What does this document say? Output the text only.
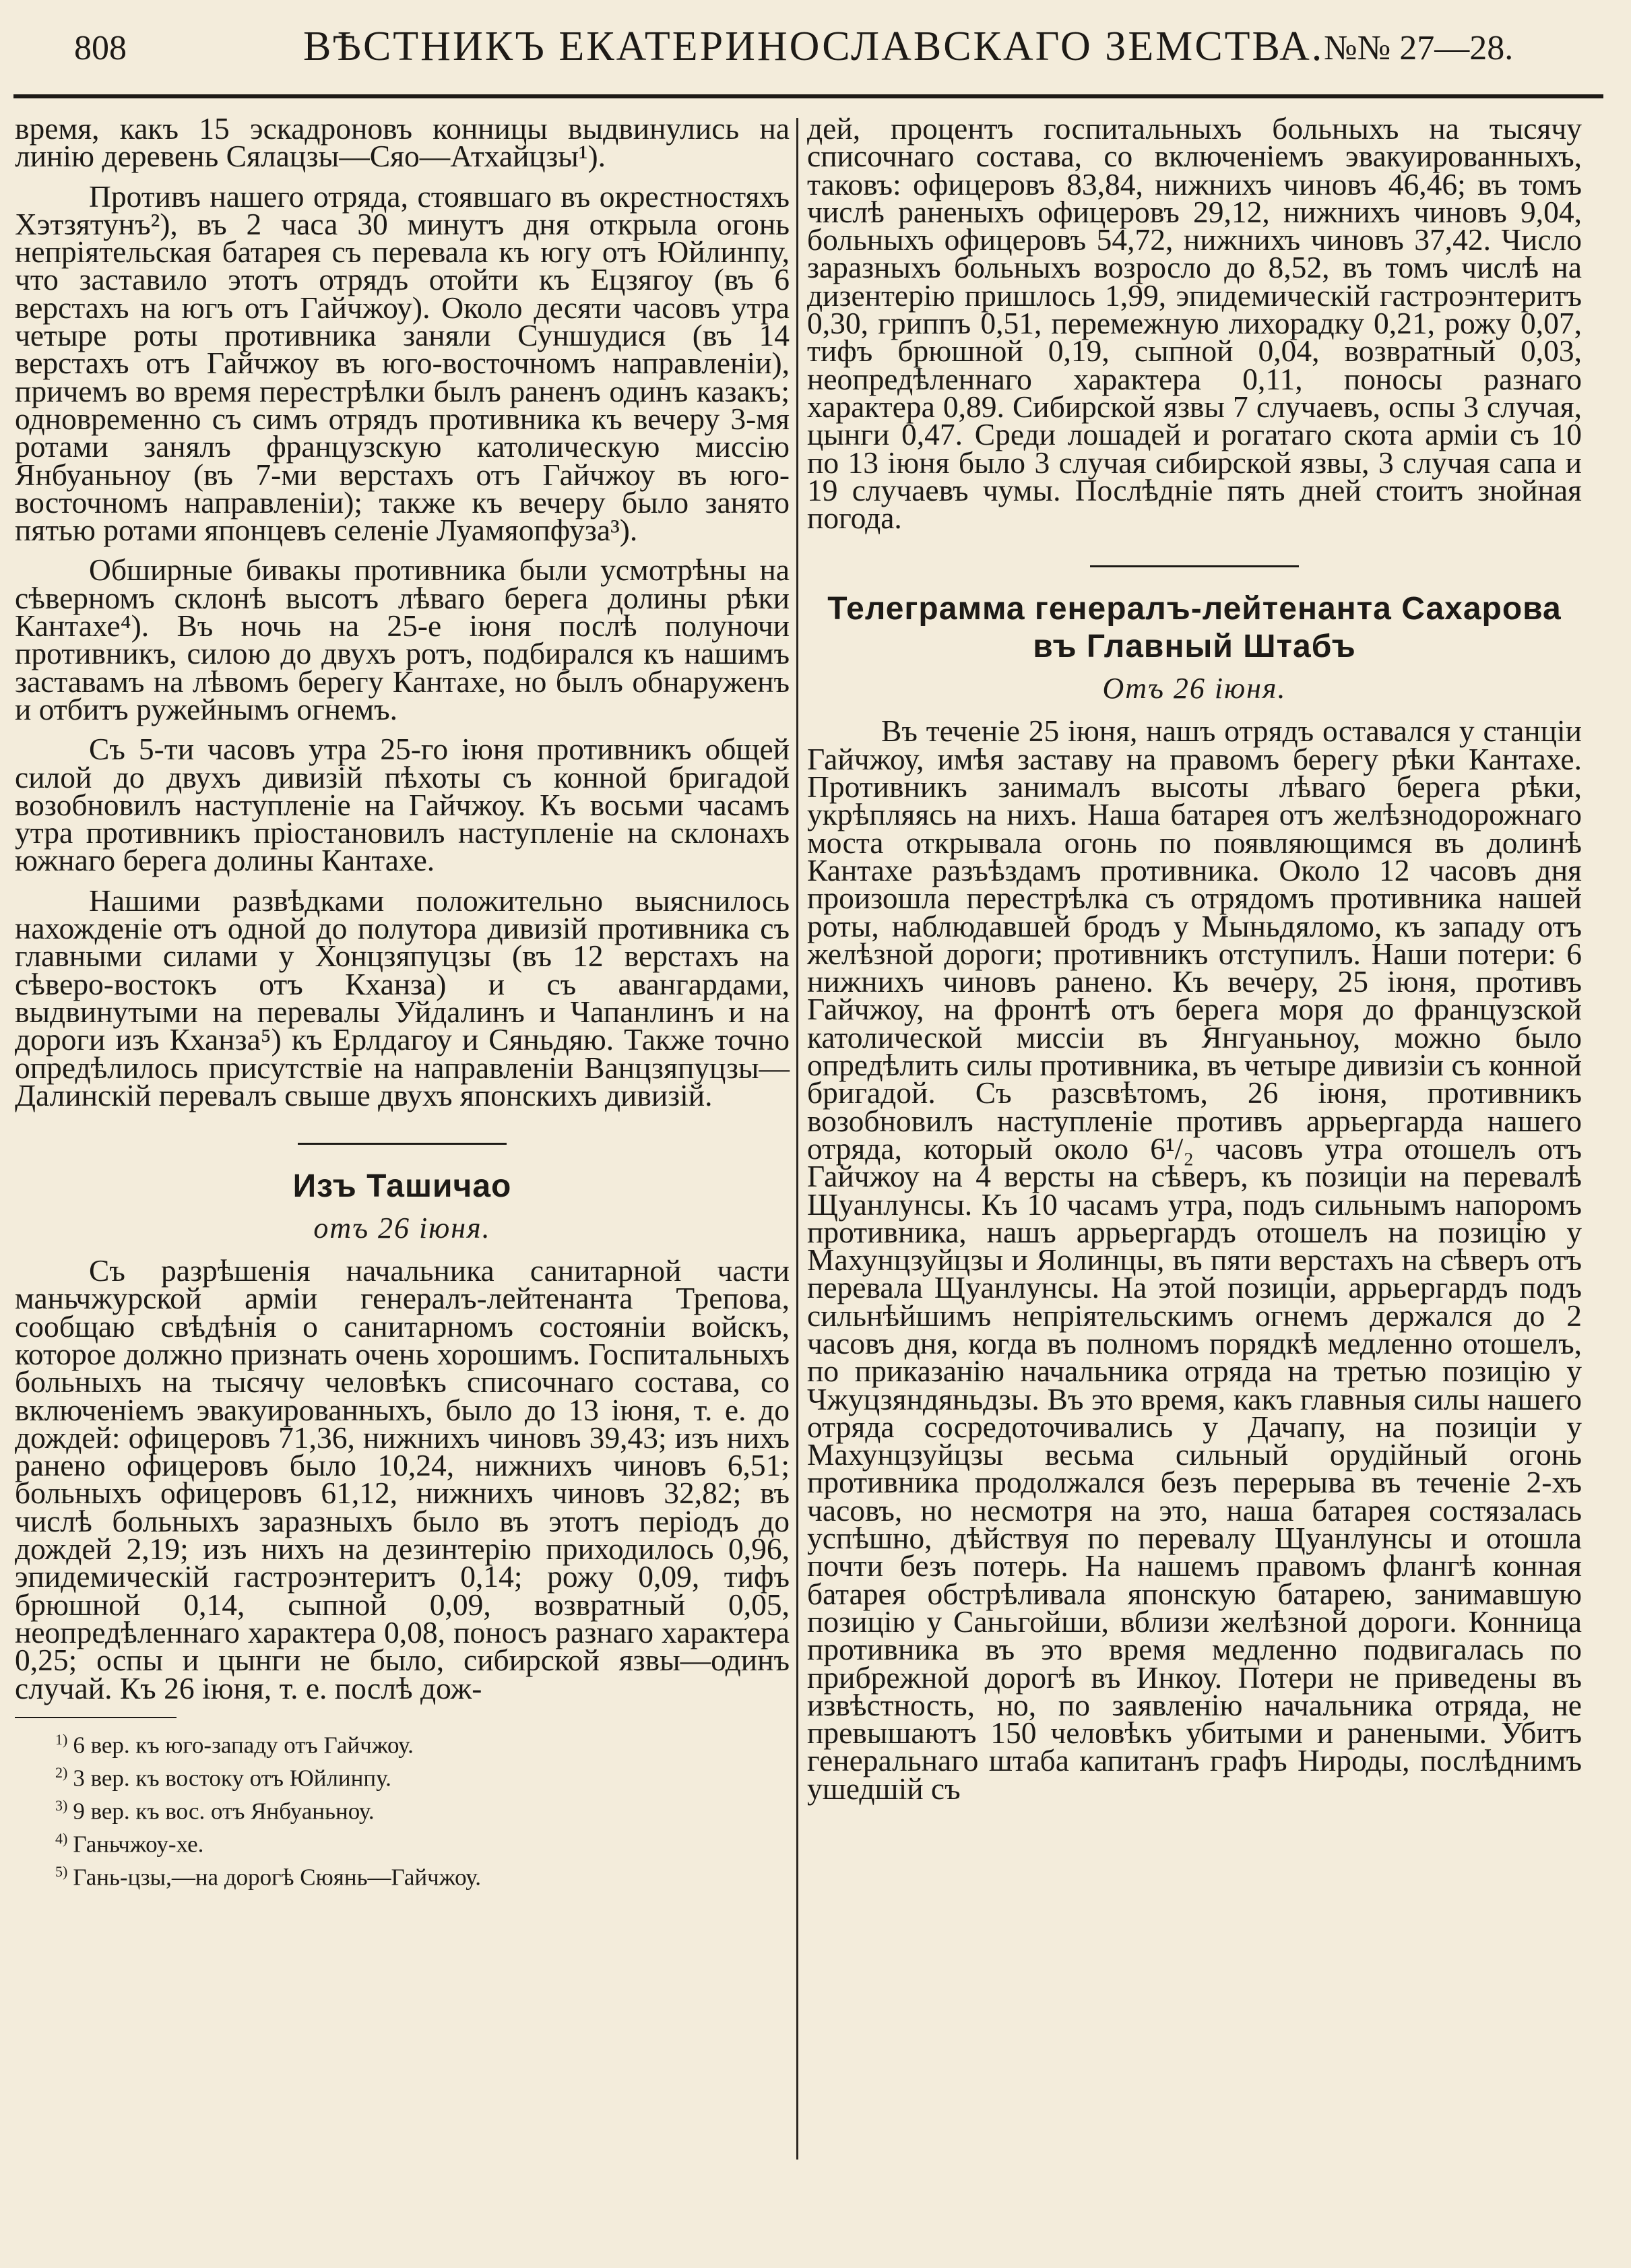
808	ВѢСТНИКЪ ЕКАТЕРИНОСЛАВСКАГО ЗЕМСТВА. №№ 27—28.

время, какъ 15 эскадроновъ конницы выдвинулись на линію деревень Сялацзы—Сяо—Атхайцзы¹).

Противъ нашего отряда, стоявшаго въ окрестностяхъ Хэтзятунъ²), въ 2 часа 30 минутъ дня открыла огонь непріятельская батарея съ перевала къ югу отъ Юйлинпу, что заставило этотъ отрядъ отойти къ Ецзягоу (въ 6 верстахъ на югъ отъ Гайчжоу). Около десяти часовъ утра четыре роты противника заняли Суншудися (въ 14 верстахъ отъ Гайчжоу въ юго-восточномъ направленіи), причемъ во время перестрѣлки былъ раненъ одинъ казакъ; одновременно съ симъ отрядъ противника къ вечеру 3-мя ротами занялъ французскую католическую миссію Янбуаньноу (въ 7-ми верстахъ отъ Гайчжоу въ юго-восточномъ направленіи); также къ вечеру было занято пятью ротами японцевъ селеніе Луамяопфуза³).

Обширные бивакы противника были усмотрѣны на сѣверномъ склонѣ высотъ лѣваго берега долины рѣки Кантахе⁴). Въ ночь на 25-е іюня послѣ полуночи противникъ, силою до двухъ ротъ, подбирался къ нашимъ заставамъ на лѣвомъ берегу Кантахе, но былъ обнаруженъ и отбитъ ружейнымъ огнемъ.

Съ 5-ти часовъ утра 25-го іюня противникъ общей силой до двухъ дивизій пѣхоты съ конной бригадой возобновилъ наступленіе на Гайчжоу. Къ восьми часамъ утра противникъ пріостановилъ наступленіе на склонахъ южнаго берега долины Кантахе.

Нашими развѣдками положительно выяснилось нахожденіе отъ одной до полутора дивизій противника съ главными силами у Хонцзяпуцзы (въ 12 верстахъ на сѣверо-востокъ отъ Кханза) и съ авангардами, выдвинутыми на перевалы Уйдалинъ и Чапанлинъ и на дороги изъ Кханза⁵) къ Ерлдагоу и Сяньдяю. Также точно опредѣлилось присутствіе на направленіи Ванцзяпуцзы—Далинскій перевалъ свыше двухъ японскихъ дивизій.

Изъ Ташичао
отъ 26 іюня.

Съ разрѣшенія начальника санитарной части маньчжурской арміи генералъ-лейтенанта Трепова, сообщаю свѣдѣнія о санитарномъ состояніи войскъ, которое должно признать очень хорошимъ. Госпитальныхъ больныхъ на тысячу человѣкъ списочнаго состава, со включеніемъ эвакуированныхъ, было до 13 іюня, т. е. до дождей: офицеровъ 71,36, нижнихъ чиновъ 39,43; изъ нихъ ранено офицеровъ было 10,24, нижнихъ чиновъ 6,51; больныхъ офицеровъ 61,12, нижнихъ чиновъ 32,82; въ числѣ больныхъ заразныхъ было въ этотъ періодъ до дождей 2,19; изъ нихъ на дезинтерію приходилось 0,96, эпидемическій гастроэнтеритъ 0,14; рожу 0,09, тифъ брюшной 0,14, сыпной 0,09, возвратный 0,05, неопредѣленнаго характера 0,08, поносъ разнаго характера 0,25; оспы и цынги не было, сибирской язвы—одинъ случай. Къ 26 іюня, т. е. послѣ дож-

$^{1)}$ 6 вер. къ юго-западу отъ Гайчжоу.
$^{2)}$ 3 вер. къ востоку отъ Юйлинпу.
$^{3)}$ 9 вер. къ вос. отъ Янбуаньноу.
$^{4)}$ Ганьчжоу-хе.
$^{5)}$ Гань-цзы,—на дорогѣ Сюянь—Гайчжоу.

дей, процентъ госпитальныхъ больныхъ на тысячу списочнаго состава, со включеніемъ эвакуированныхъ, таковъ: офицеровъ 83,84, нижнихъ чиновъ 46,46; въ томъ числѣ раненыхъ офицеровъ 29,12, нижнихъ чиновъ 9,04, больныхъ офицеровъ 54,72, нижнихъ чиновъ 37,42. Число заразныхъ больныхъ возросло до 8,52, въ томъ числѣ на дизентерію пришлось 1,99, эпидемическій гастроэнтеритъ 0,30, гриппъ 0,51, перемежную лихорадку 0,21, рожу 0,07, тифъ брюшной 0,19, сыпной 0,04, возвратный 0,03, неопредѣленнаго характера 0,11, поносы разнаго характера 0,89. Сибирской язвы 7 случаевъ, оспы 3 случая, цынги 0,47. Среди лошадей и рогатаго скота арміи съ 10 по 13 іюня было 3 случая сибирской язвы, 3 случая сапа и 19 случаевъ чумы. Послѣдніе пять дней стоитъ знойная погода.

Телеграмма генералъ-лейтенанта Сахарова въ Главный Штабъ
Отъ 26 іюня.

Въ теченіе 25 іюня, нашъ отрядъ оставался у станціи Гайчжоу, имѣя заставу на правомъ берегу рѣки Кантахе. Противникъ занималъ высоты лѣваго берега рѣки, укрѣпляясь на нихъ. Наша батарея отъ желѣзнодорожнаго моста открывала огонь по появляющимся въ долинѣ Кантахе разъѣздамъ противника. Около 12 часовъ дня произошла перестрѣлка съ отрядомъ противника нашей роты, наблюдавшей бродъ у Мыньдяломо, къ западу отъ желѣзной дороги; противникъ отступилъ. Наши потери: 6 нижнихъ чиновъ ранено. Къ вечеру, 25 іюня, противъ Гайчжоу, на фронтѣ отъ берега моря до французской католической миссіи въ Янгуаньноу, можно было опредѣлить силы противника, въ четыре дивизіи съ конной бригадой. Съ разсвѣтомъ, 26 іюня, противникъ возобновилъ наступленіе противъ аррьергарда нашего отряда, который около 6¹/₂ часовъ утра отошелъ отъ Гайчжоу на 4 версты на сѣверъ, къ позиціи на перевалѣ Щуанлунсы. Къ 10 часамъ утра, подъ сильнымъ напоромъ противника, нашъ аррьергардъ отошелъ на позицію у Махунцзуйцзы и Яолинцы, въ пяти верстахъ на сѣверъ отъ перевала Щуанлунсы. На этой позиціи, аррьергардъ подъ сильнѣйшимъ непріятельскимъ огнемъ держался до 2 часовъ дня, когда въ полномъ порядкѣ медленно отошелъ, по приказанію начальника отряда на третью позицію у Чжуцзяндяньдзы. Въ это время, какъ главныя силы нашего отряда сосредоточивались у Дачапу, на позиціи у Махунцзуйцзы весьма сильный орудійный огонь противника продолжался безъ перерыва въ теченіе 2-хъ часовъ, но несмотря на это, наша батарея состязалась успѣшно, дѣйствуя по перевалу Щуанлунсы и отошла почти безъ потерь. На нашемъ правомъ флангѣ конная батарея обстрѣливала японскую батарею, занимавшую позицію у Саньгойши, вблизи желѣзной дороги. Конница противника въ это время медленно подвигалась по прибрежной дорогѣ въ Инкоу. Потери не приведены въ извѣстность, но, по заявленію начальника отряда, не превышаютъ 150 человѣкъ убитыми и ранеными. Убитъ генеральнаго штаба капитанъ графъ Нироды, послѣднимъ ушедшій съ
